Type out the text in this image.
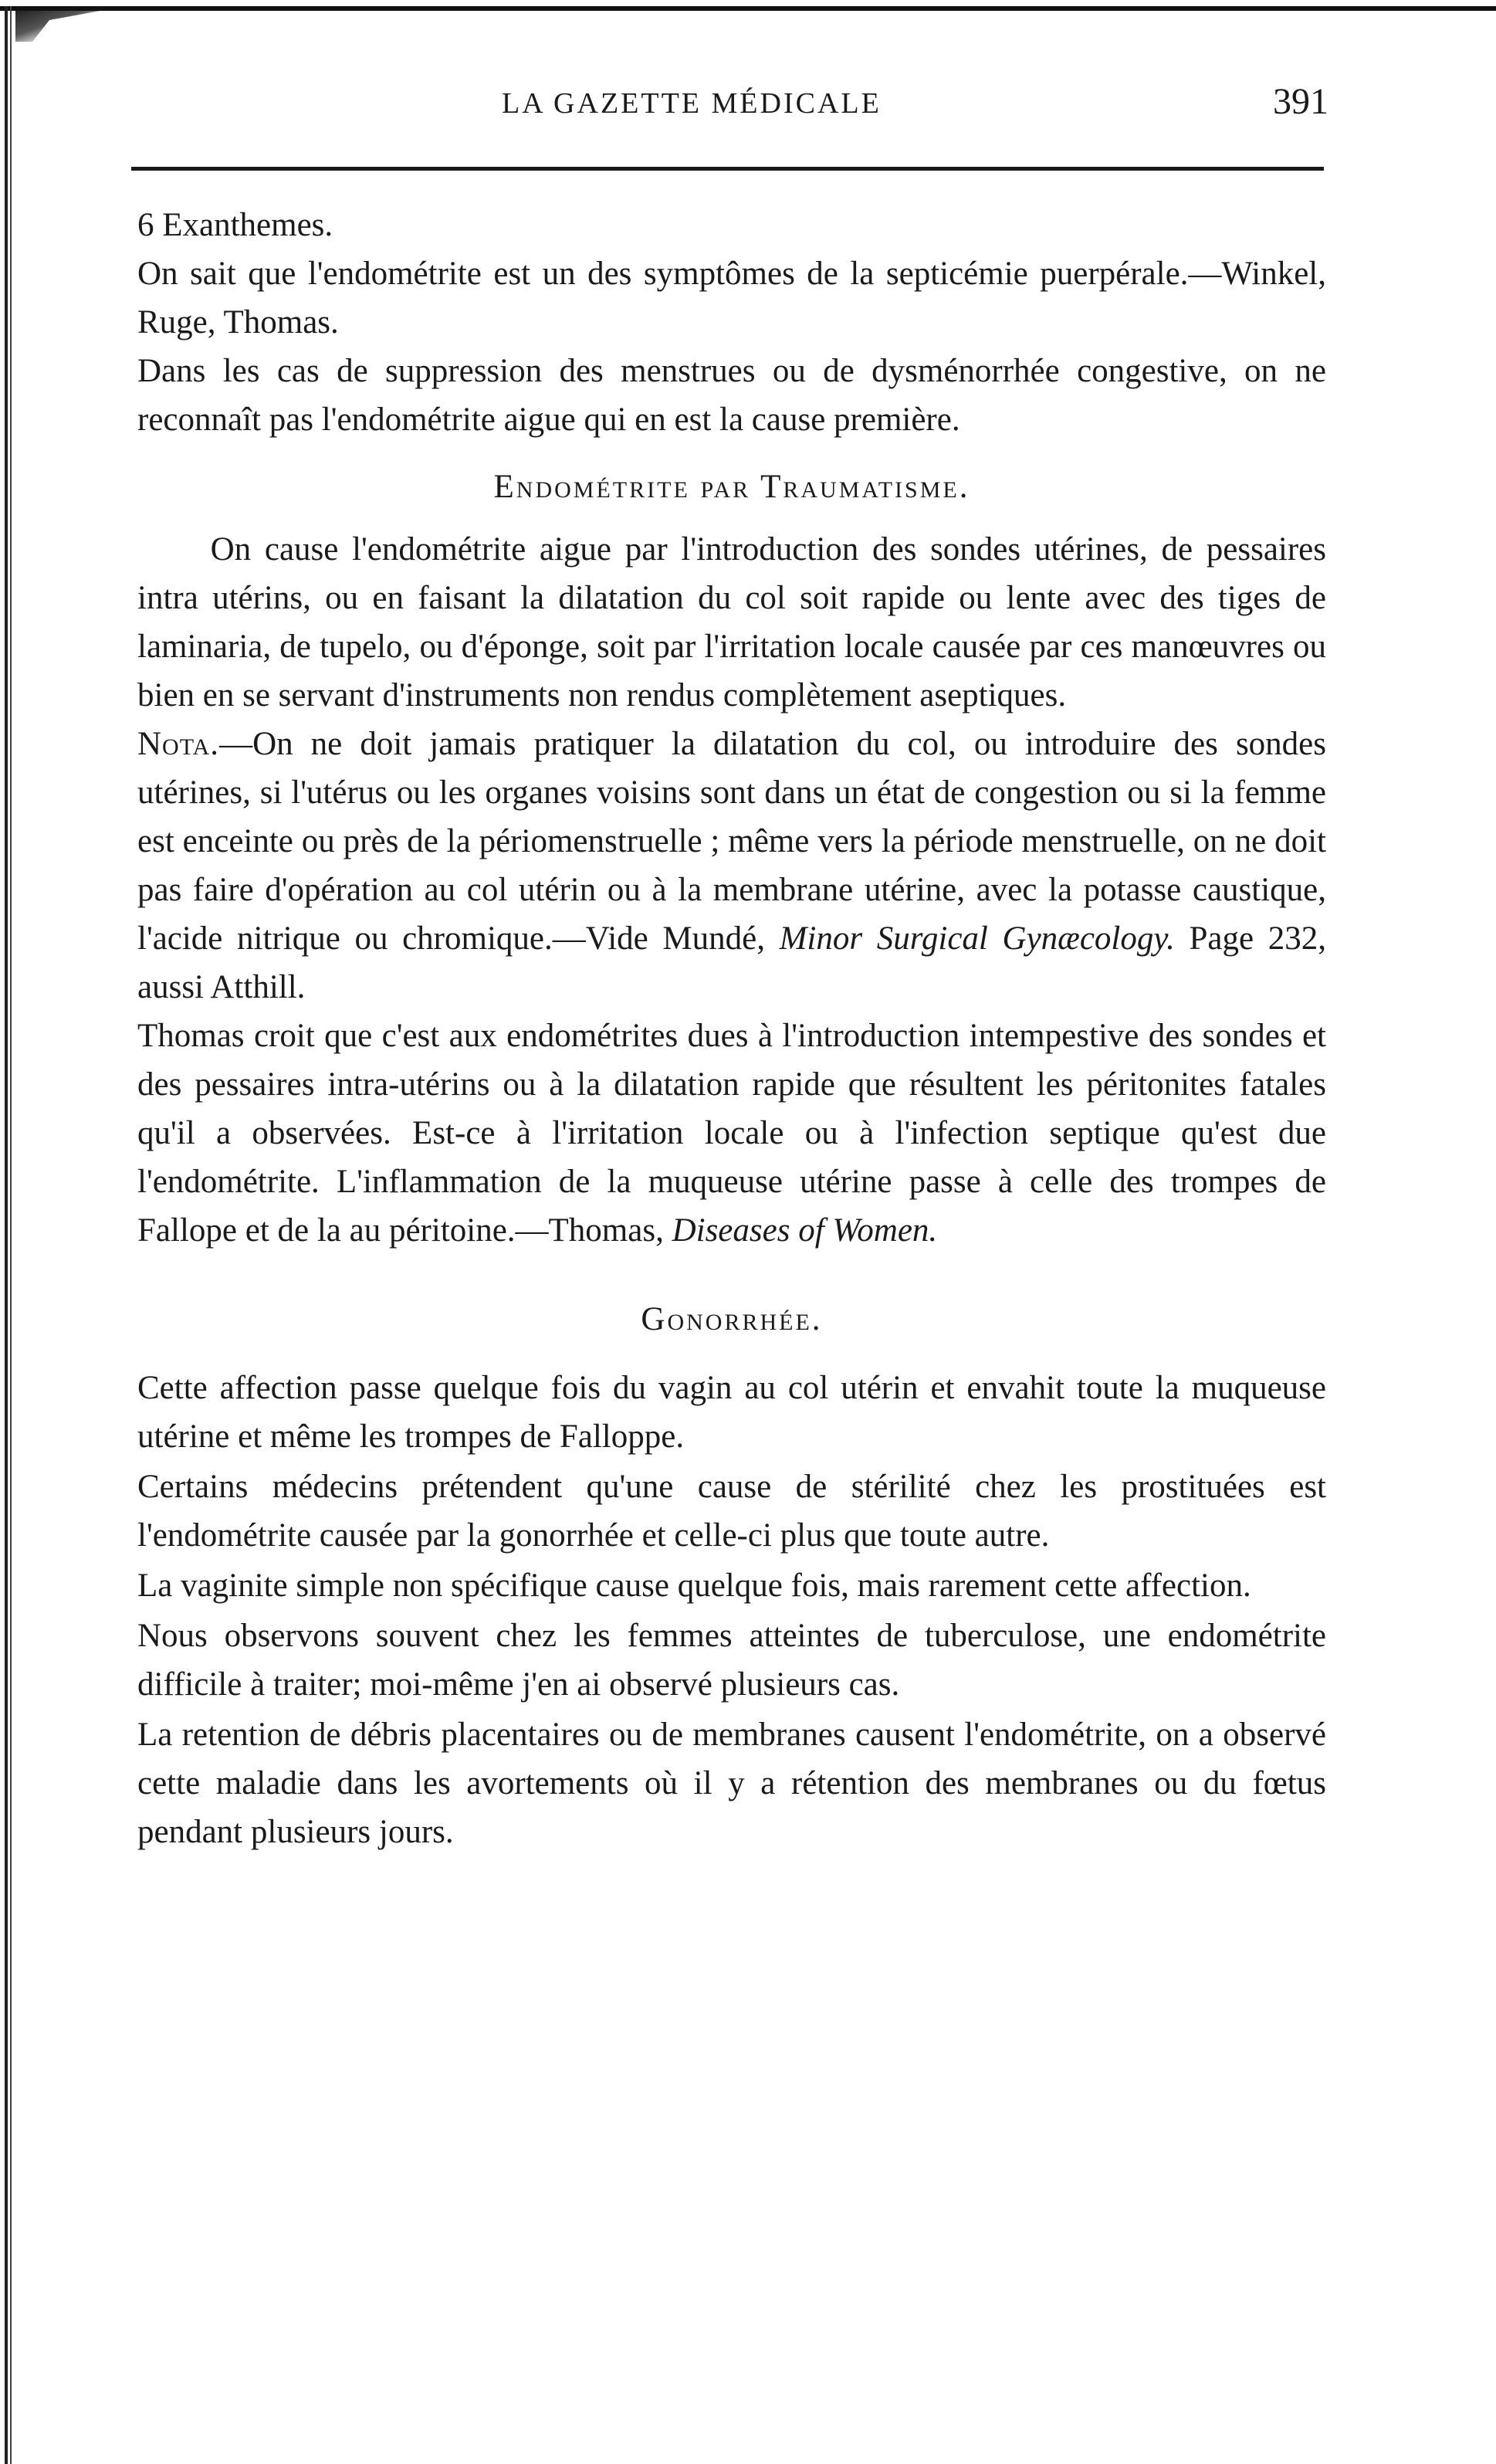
LA GAZETTE MÉDICALE	391

6 Exanthemes.

On sait que l'endométrite est un des symptômes de la septicémie puerpérale.—Winkel, Ruge, Thomas.

Dans les cas de suppression des menstrues ou de dysménorrhée congestive, on ne reconnaît pas l'endométrite aigue qui en est la cause première.

Endométrite par Traumatisme.

On cause l'endométrite aigue par l'introduction des sondes utérines, de pessaires intra utérins, ou en faisant la dilatation du col soit rapide ou lente avec des tiges de laminaria, de tupelo, ou d'éponge, soit par l'irritation locale causée par ces manœuvres ou bien en se servant d'instruments non rendus complètement aseptiques.

Nota.—On ne doit jamais pratiquer la dilatation du col, ou introduire des sondes utérines, si l'utérus ou les organes voisins sont dans un état de congestion ou si la femme est enceinte ou près de la périomenstruelle ; même vers la période menstruelle, on ne doit pas faire d'opération au col utérin ou à la membrane utérine, avec la potasse caustique, l'acide nitrique ou chromique.—Vide Mundé, Minor Surgical Gynæcology. Page 232, aussi Atthill.

Thomas croit que c'est aux endométrites dues à l'introduction intempestive des sondes et des pessaires intra-utérins ou à la dilatation rapide que résultent les péritonites fatales qu'il a observées. Est-ce à l'irritation locale ou à l'infection septique qu'est due l'endométrite. L'inflammation de la muqueuse utérine passe à celle des trompes de Fallope et de la au péritoine.—Thomas, Diseases of Women.

Gonorrhée.

Cette affection passe quelque fois du vagin au col utérin et envahit toute la muqueuse utérine et même les trompes de Falloppe.

Certains médecins prétendent qu'une cause de stérilité chez les prostituées est l'endométrite causée par la gonorrhée et celle-ci plus que toute autre.

La vaginite simple non spécifique cause quelque fois, mais rarement cette affection.

Nous observons souvent chez les femmes atteintes de tuberculose, une endométrite difficile à traiter; moi-même j'en ai observé plusieurs cas.

La retention de débris placentaires ou de membranes causent l'endométrite, on a observé cette maladie dans les avortements où il y a rétention des membranes ou du fœtus pendant plusieurs jours.
